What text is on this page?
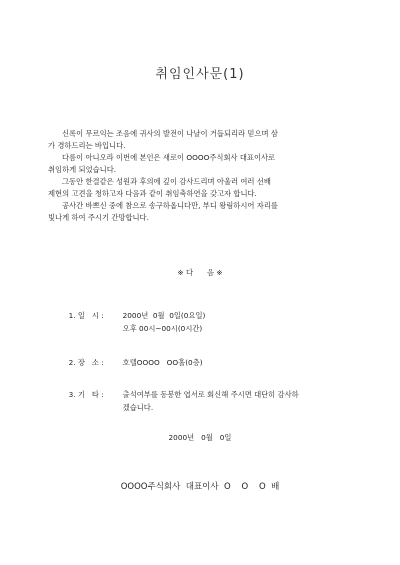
취임인사문(1)
신록이 무르익는 조음에 귀사의 발전이 나날이 거듭되리라 믿으며 삼
가 경하드리는 바입니다.
다름이 아니오라 이번에 본인은 새로이 OOOO주식회사 대표이사로
취임하게 되었습니다.
그동안 한결같은 성원과 후의에 깊이 감사드리며 아울러 여러 선배
제현의 고견을 청하고자 다음과 같이 취임축하연을 갖고자 합니다.
공사간 바쁘신 중에 참으로 송구하옵니다만, 부디 왕림하시어 자리를
빛나게 하여 주시기 간망합니다.
※ 다      음 ※

1. 일   시 :	2000년  0월  0일(0요일)
오후 00시~00시(0시간)

2. 장   소 :	호텔OOOO   OO홀(0층)

3. 기   타 :	출석여부를 동봉한 엽서로 회신해 주시면 대단히 감사하
겠습니다.

2000년   0월   0일
OOOO주식회사  대표이사  O    O    O  배
